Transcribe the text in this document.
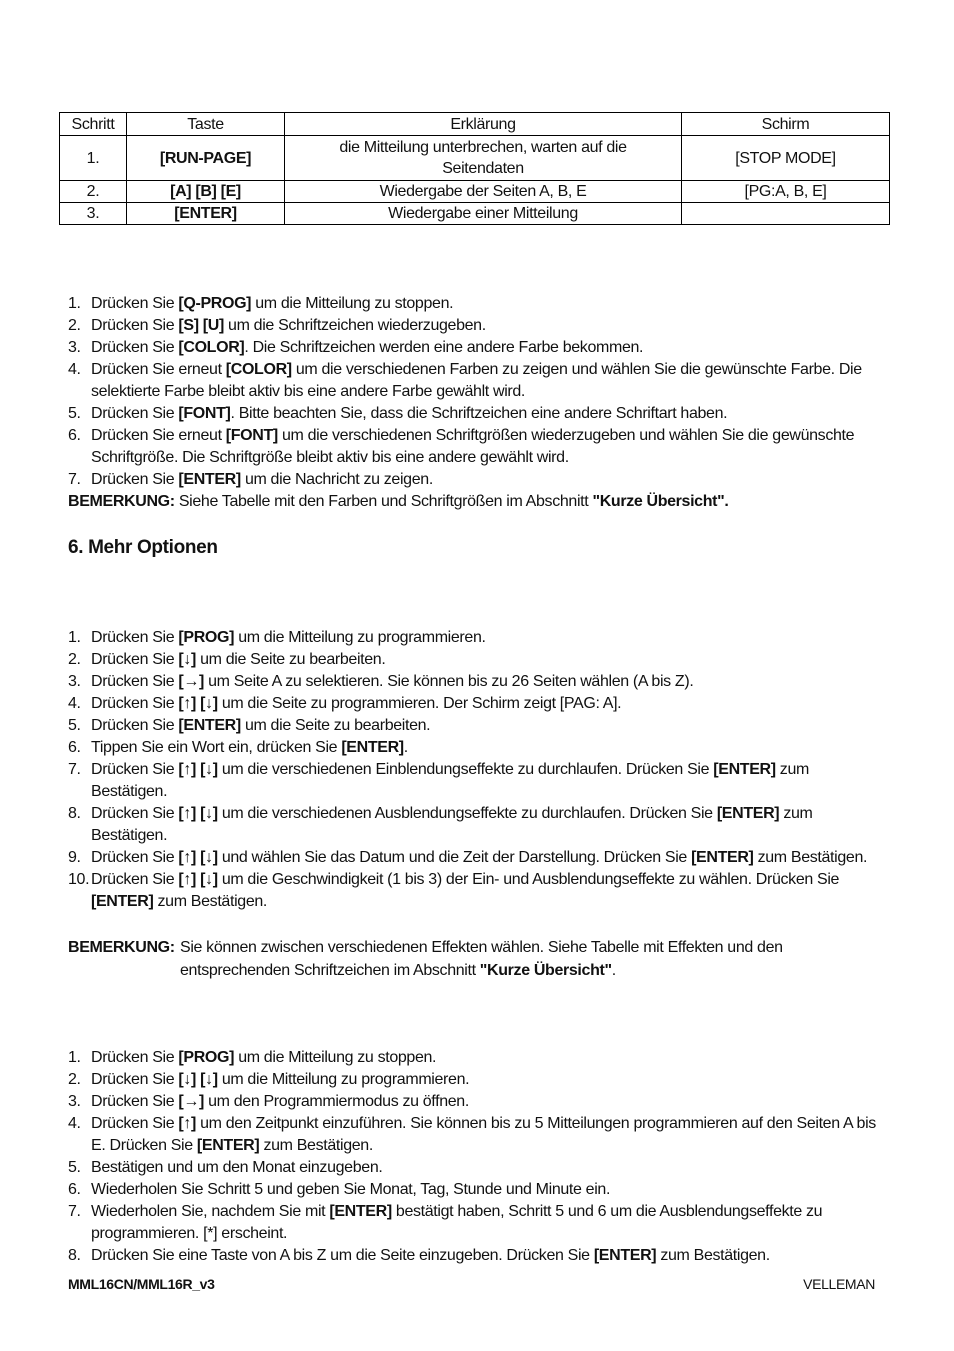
Schritt	Taste	Erklärung	Schirm
1.	[RUN-PAGE]	die Mitteilung unterbrechen, warten auf die Seitendaten	[STOP MODE]
2.	[A] [B] [E]	Wiedergabe der Seiten A, B, E	[PG:A, B, E]
3.	[ENTER]	Wiedergabe einer Mitteilung	
1. Drücken Sie [Q-PROG] um die Mitteilung zu stoppen.
2. Drücken Sie [S] [U] um die Schriftzeichen wiederzugeben.
3. Drücken Sie [COLOR]. Die Schriftzeichen werden eine andere Farbe bekommen.
4. Drücken Sie erneut [COLOR] um die verschiedenen Farben zu zeigen und wählen Sie die gewünschte Farbe. Die selektierte Farbe bleibt aktiv bis eine andere Farbe gewählt wird.
5. Drücken Sie [FONT]. Bitte beachten Sie, dass die Schriftzeichen eine andere Schriftart haben.
6. Drücken Sie erneut [FONT] um die verschiedenen Schriftgrößen wiederzugeben und wählen Sie die gewünschte Schriftgröße. Die Schriftgröße bleibt aktiv bis eine andere gewählt wird.
7. Drücken Sie [ENTER] um die Nachricht zu zeigen.
BEMERKUNG: Siehe Tabelle mit den Farben und Schriftgrößen im Abschnitt "Kurze Übersicht".
6. Mehr Optionen
1. Drücken Sie [PROG] um die Mitteilung zu programmieren.
2. Drücken Sie [↓] um die Seite zu bearbeiten.
3. Drücken Sie [→] um Seite A zu selektieren. Sie können bis zu 26 Seiten wählen (A bis Z).
4. Drücken Sie [↑] [↓] um die Seite zu programmieren. Der Schirm zeigt [PAG: A].
5. Drücken Sie [ENTER] um die Seite zu bearbeiten.
6. Tippen Sie ein Wort ein, drücken Sie [ENTER].
7. Drücken Sie [↑] [↓] um die verschiedenen Einblendungseffekte zu durchlaufen. Drücken Sie [ENTER] zum Bestätigen.
8. Drücken Sie [↑] [↓] um die verschiedenen Ausblendungseffekte zu durchlaufen. Drücken Sie [ENTER] zum Bestätigen.
9. Drücken Sie [↑] [↓] und wählen Sie das Datum und die Zeit der Darstellung. Drücken Sie [ENTER] zum Bestätigen.
10. Drücken Sie [↑] [↓] um die Geschwindigkeit (1 bis 3) der Ein- und Ausblendungseffekte zu wählen. Drücken Sie [ENTER] zum Bestätigen.
BEMERKUNG: Sie können zwischen verschiedenen Effekten wählen. Siehe Tabelle mit Effekten und den entsprechenden Schriftzeichen im Abschnitt "Kurze Übersicht".
1. Drücken Sie [PROG] um die Mitteilung zu stoppen.
2. Drücken Sie [↓] [↓] um die Mitteilung zu programmieren.
3. Drücken Sie [→] um den Programmiermodus zu öffnen.
4. Drücken Sie [↑] um den Zeitpunkt einzuführen. Sie können bis zu 5 Mitteilungen programmieren auf den Seiten A bis E. Drücken Sie [ENTER] zum Bestätigen.
5. Bestätigen und um den Monat einzugeben.
6. Wiederholen Sie Schritt 5 und geben Sie Monat, Tag, Stunde und Minute ein.
7. Wiederholen Sie, nachdem Sie mit [ENTER] bestätigt haben, Schritt 5 und 6 um die Ausblendungseffekte zu programmieren. [*] erscheint.
8. Drücken Sie eine Taste von A bis Z um die Seite einzugeben. Drücken Sie [ENTER] zum Bestätigen.
MML16CN/MML16R_v3	VELLEMAN
